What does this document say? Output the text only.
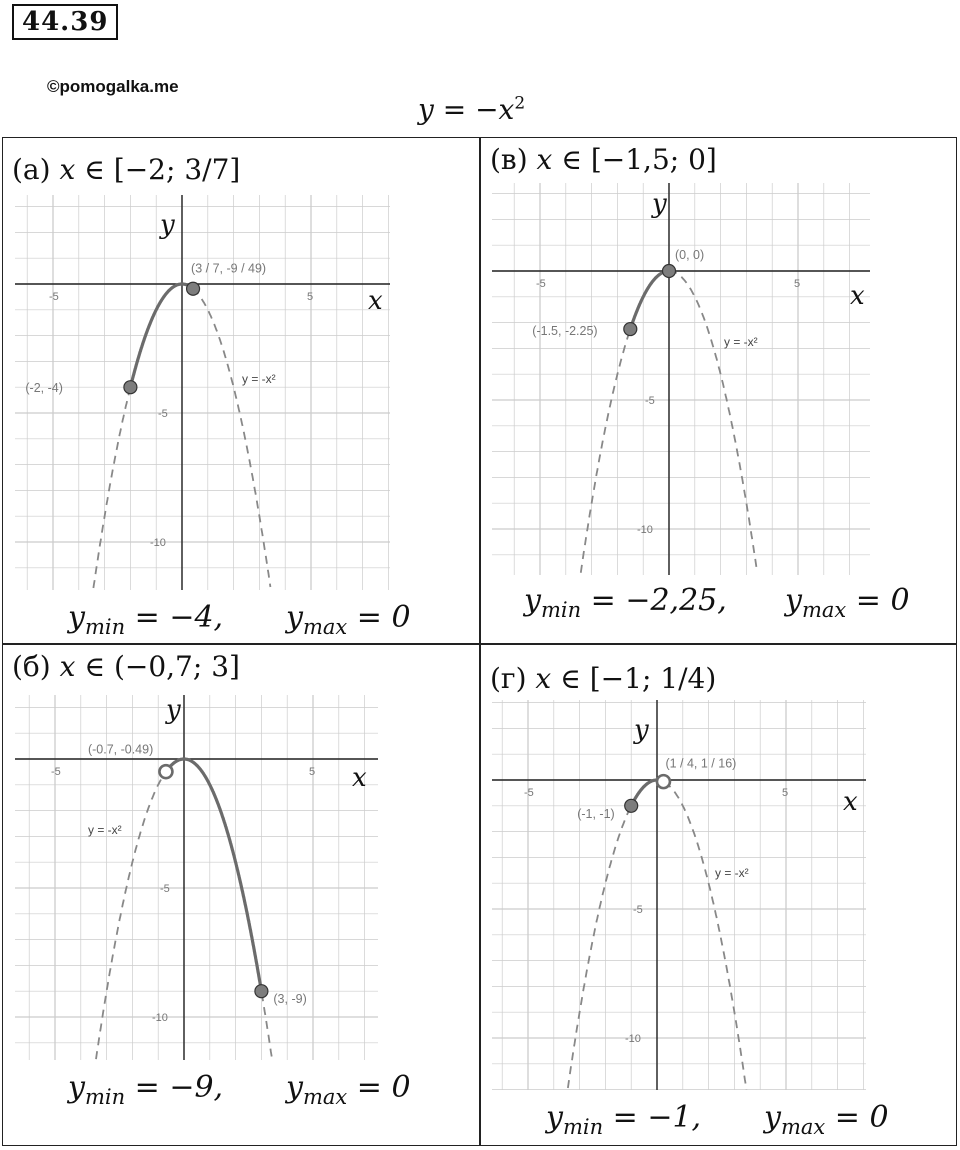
44.39
©pomogalka.me
$y = -x^2$
(а) x ∈ [−2; 3/7]
(б) x ∈ (−0,7; 3]
(в) x ∈ [−1,5; 0]
(г) x ∈ [−1; 1/4)
-5	5
-5
-10
x
y
y = -x²
(-2, -4)
(3 / 7, -9 / 49)
-5	5
-5
-10
x
y
y = -x²
(-0.7, -0.49)
(3, -9)
-5	5
-5
-10
x
y
y = -x²
(-1.5, -2.25)
(0, 0)
-5	5
-5
-10
x
y
y = -x²
(-1, -1)
(1 / 4, 1 / 16)
$y_{min} = -4$, $y_{max} = 0$
$y_{min} = -9$, $y_{max} = 0$
$y_{min} = -2,25$, $y_{max} = 0$
$y_{min} = -1$, $y_{max} = 0$
